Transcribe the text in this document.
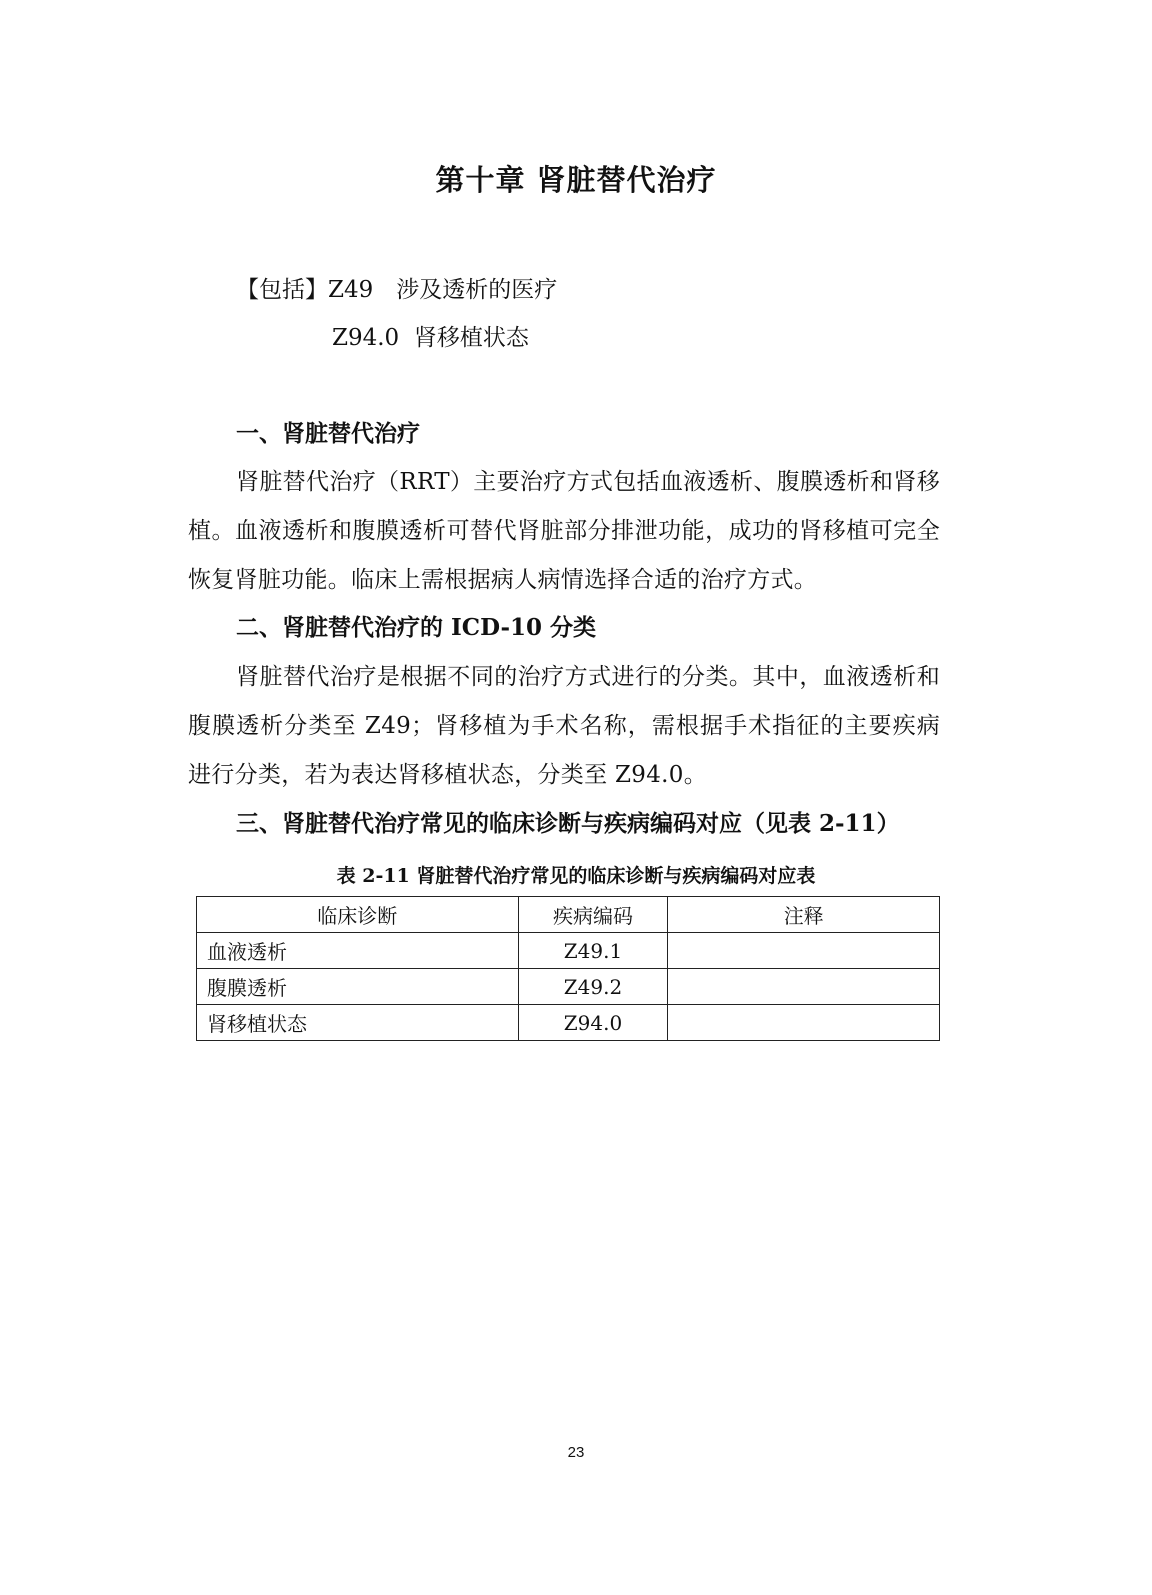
第十章 肾脏替代治疗
【包括】Z49　涉及透析的医疗
Z94.0  肾移植状态
一、肾脏替代治疗
肾脏替代治疗（RRT）主要治疗方式包括血液透析、腹膜透析和肾移植。血液透析和腹膜透析可替代肾脏部分排泄功能，成功的肾移植可完全恢复肾脏功能。临床上需根据病人病情选择合适的治疗方式。
二、肾脏替代治疗的 ICD-10 分类
肾脏替代治疗是根据不同的治疗方式进行的分类。其中，血液透析和腹膜透析分类至 Z49；肾移植为手术名称，需根据手术指征的主要疾病进行分类，若为表达肾移植状态，分类至 Z94.0。
三、肾脏替代治疗常见的临床诊断与疾病编码对应（见表 2-11）
表 2-11 肾脏替代治疗常见的临床诊断与疾病编码对应表
临床诊断	疾病编码	注释
血液透析	Z49.1	
腹膜透析	Z49.2	
肾移植状态	Z94.0	
23
